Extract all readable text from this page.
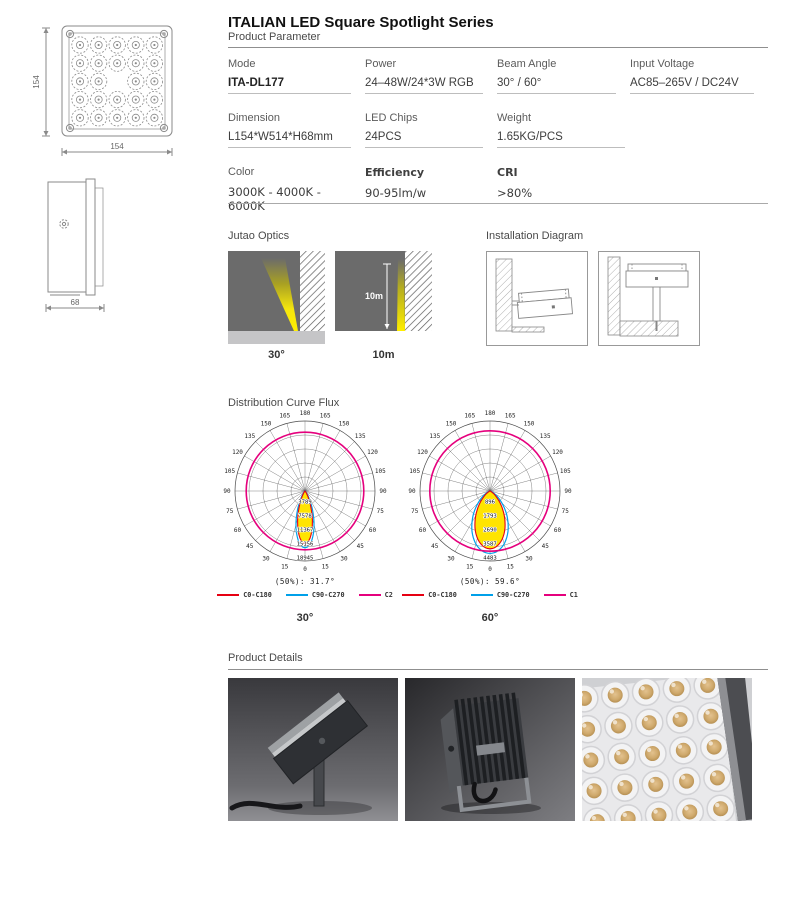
154
154
68
ITALIAN LED Square Spotlight Series
Product Parameter
Mode
ITA-DL177
Power
24–48W/24*3W RGB
Beam Angle
30° / 60°
Input Voltage
AC85–265V / DC24V
Dimension
L154*W514*H68mm
LED Chips
24PCS
Weight
1.65KG/PCS
Color
3000K - 4000K - 6000K
Efficiency
90-95lm/w
CRI
>80%
Jutao Optics
30°
10m
10m
Installation Diagram
Distribution Curve Flux
0
15	15
30	30
45	45
60	60
75	75
90	90
105	105
120	120
135	135
150	150
165	165
180
3789
7578
11367
15156
18945
(50%): 31.7°
C0-C180	C90-C270	C2
30°
0
15	15
30	30
45	45
60	60
75	75
90	90
105	105
120	120
135	135
150	150
165	165
180
896
1793
2690
3587
4483
(50%): 59.6°
C0-C180	C90-C270	C1
60°
Product Details
